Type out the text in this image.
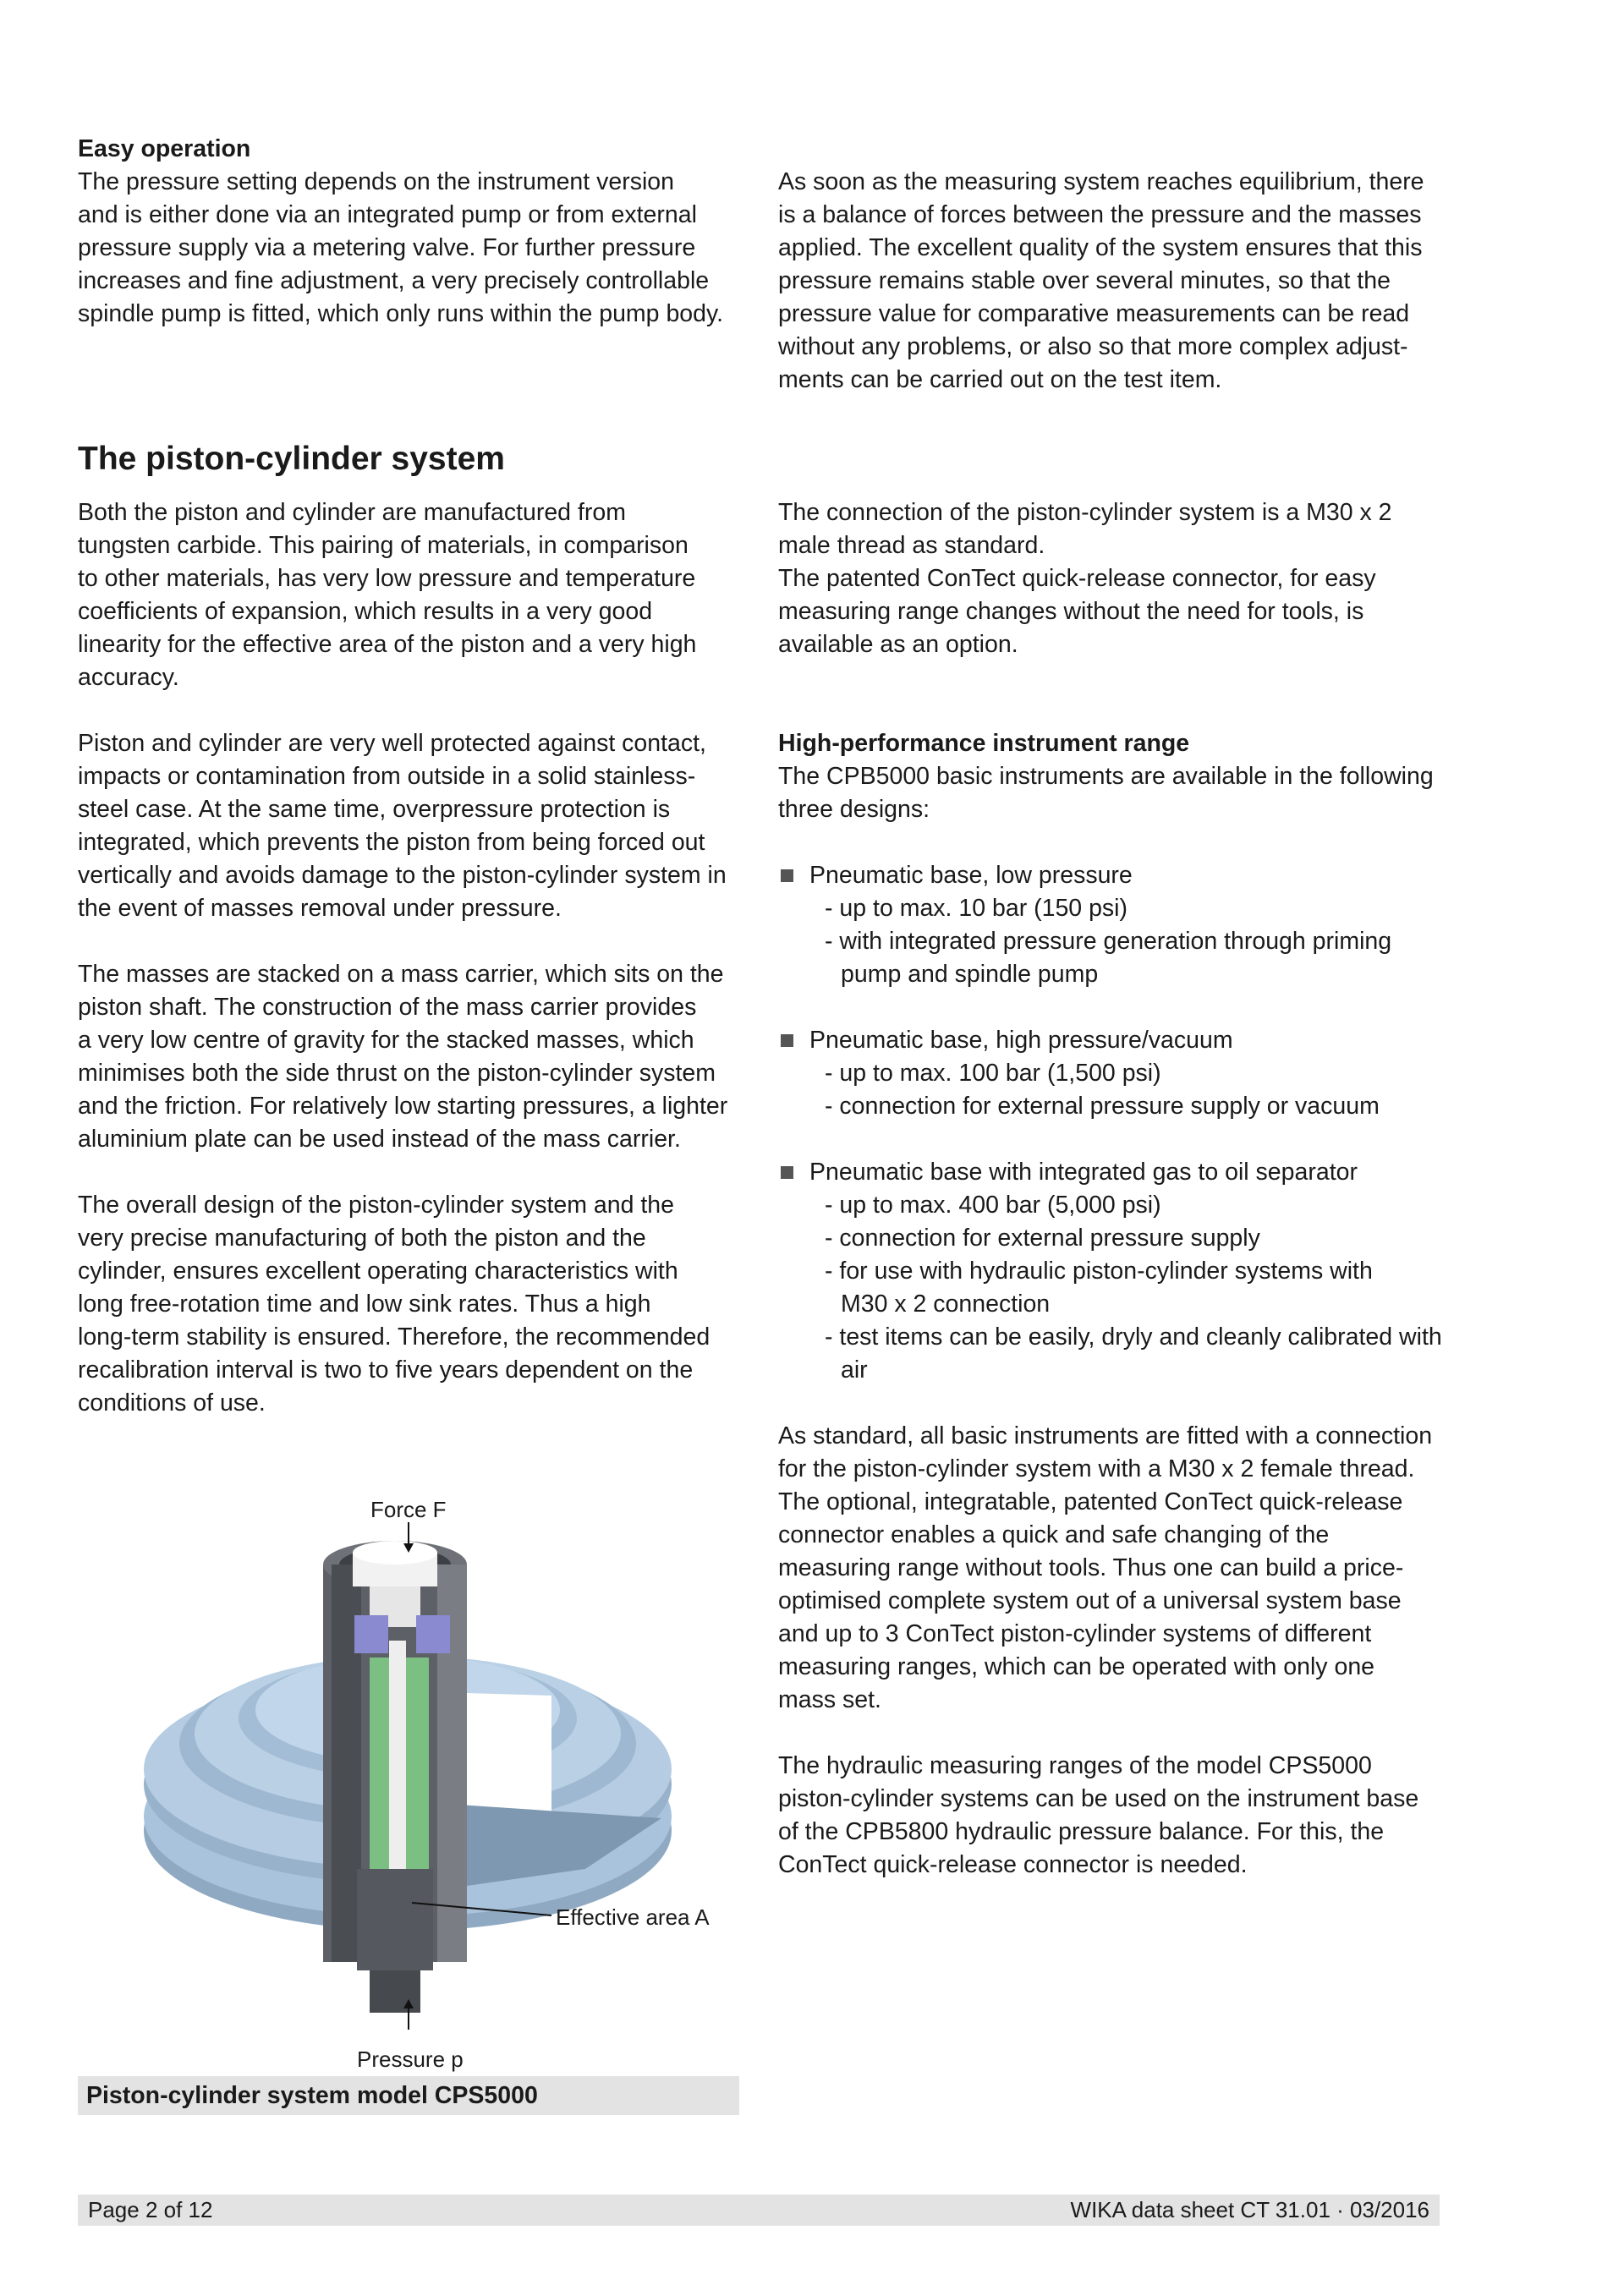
Easy operation

The pressure setting depends on the instrument version

and is either done via an integrated pump or from external

pressure supply via a metering valve. For further pressure

increases and fine adjustment, a very precisely controllable

spindle pump is fitted, which only runs within the pump body.

As soon as the measuring system reaches equilibrium, there

is a balance of forces between the pressure and the masses

applied. The excellent quality of the system ensures that this

pressure remains stable over several minutes, so that the

pressure value for comparative measurements can be read

without any problems, or also so that more complex adjust-

ments can be carried out on the test item.

The piston-cylinder system

Both the piston and cylinder are manufactured from

tungsten carbide. This pairing of materials, in comparison

to other materials, has very low pressure and temperature

coefficients of expansion, which results in a very good

linearity for the effective area of the piston and a very high

accuracy.

Piston and cylinder are very well protected against contact,

impacts or contamination from outside in a solid stainless-

steel case. At the same time, overpressure protection is

integrated, which prevents the piston from being forced out

vertically and avoids damage to the piston-cylinder system in

the event of masses removal under pressure.

The masses are stacked on a mass carrier, which sits on the

piston shaft. The construction of the mass carrier provides

a very low centre of gravity for the stacked masses, which

minimises both the side thrust on the piston-cylinder system

and the friction. For relatively low starting pressures, a lighter

aluminium plate can be used instead of the mass carrier.

The overall design of the piston-cylinder system and the

very precise manufacturing of both the piston and the

cylinder, ensures excellent operating characteristics with

long free-rotation time and low sink rates. Thus a high

long-term stability is ensured. Therefore, the recommended

recalibration interval is two to five years dependent on the

conditions of use.

The connection of the piston-cylinder system is a M30 x 2

male thread as standard.

The patented ConTect quick-release connector, for easy

measuring range changes without the need for tools, is

available as an option.

High-performance instrument range

The CPB5000 basic instruments are available in the following

three designs:

Pneumatic base, low pressure

- up to max. 10 bar (150 psi)

- with integrated pressure generation through priming

pump and spindle pump

Pneumatic base, high pressure/vacuum

- up to max. 100 bar (1,500 psi)

- connection for external pressure supply or vacuum

Pneumatic base with integrated gas to oil separator

- up to max. 400 bar (5,000 psi)

- connection for external pressure supply

- for use with hydraulic piston-cylinder systems with

M30 x 2 connection

- test items can be easily, dryly and cleanly calibrated with

air

As standard, all basic instruments are fitted with a connection

for the piston-cylinder system with a M30 x 2 female thread.

The optional, integratable, patented ConTect quick-release

connector enables a quick and safe changing of the

measuring range without tools. Thus one can build a price-

optimised complete system out of a universal system base

and up to 3 ConTect piston-cylinder systems of different

measuring ranges, which can be operated with only one

mass set.

The hydraulic measuring ranges of the model CPS5000

piston-cylinder systems can be used on the instrument base

of the CPB5800 hydraulic pressure balance. For this, the

ConTect quick-release connector is needed.

Force F
Effective area A
Pressure p
Piston-cylinder system model CPS5000
Page 2 of 12	WIKA data sheet CT 31.01 · 03/2016
